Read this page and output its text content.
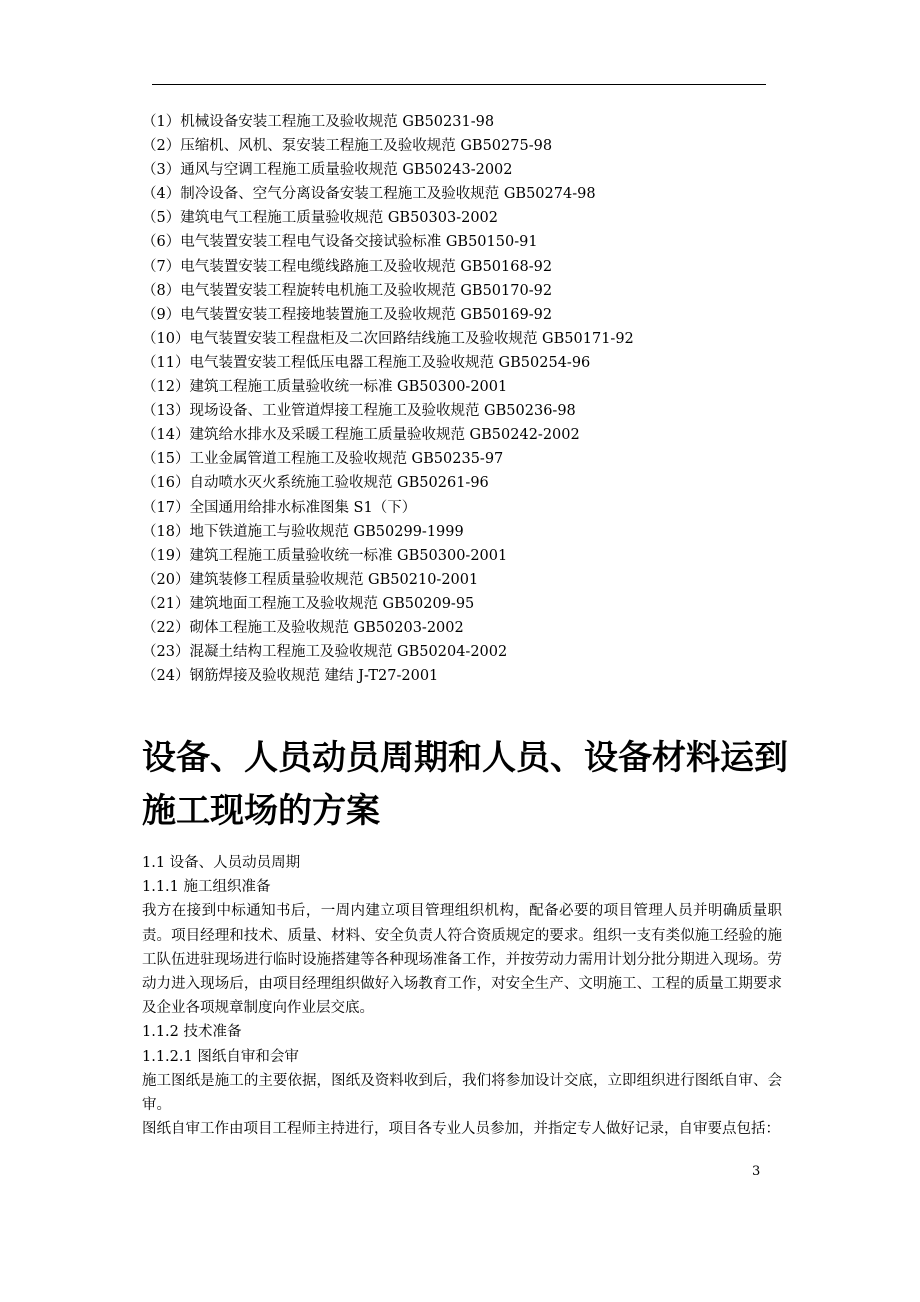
（1）机械设备安装工程施工及验收规范 GB50231-98
（2）压缩机、风机、泵安装工程施工及验收规范 GB50275-98
（3）通风与空调工程施工质量验收规范 GB50243-2002
（4）制冷设备、空气分离设备安装工程施工及验收规范 GB50274-98
（5）建筑电气工程施工质量验收规范 GB50303-2002
（6）电气装置安装工程电气设备交接试验标准 GB50150-91
（7）电气装置安装工程电缆线路施工及验收规范 GB50168-92
（8）电气装置安装工程旋转电机施工及验收规范 GB50170-92
（9）电气装置安装工程接地装置施工及验收规范 GB50169-92
（10）电气装置安装工程盘柜及二次回路结线施工及验收规范 GB50171-92
（11）电气装置安装工程低压电器工程施工及验收规范 GB50254-96
（12）建筑工程施工质量验收统一标准 GB50300-2001
（13）现场设备、工业管道焊接工程施工及验收规范 GB50236-98
（14）建筑给水排水及采暖工程施工质量验收规范 GB50242-2002
（15）工业金属管道工程施工及验收规范 GB50235-97
（16）自动喷水灭火系统施工验收规范 GB50261-96
（17）全国通用给排水标准图集 S1（下）
（18）地下铁道施工与验收规范 GB50299-1999
（19）建筑工程施工质量验收统一标准 GB50300-2001
（20）建筑装修工程质量验收规范 GB50210-2001
（21）建筑地面工程施工及验收规范 GB50209-95
（22）砌体工程施工及验收规范 GB50203-2002
（23）混凝土结构工程施工及验收规范 GB50204-2002
（24）钢筋焊接及验收规范 建结 J-T27-2001
设备、人员动员周期和人员、设备材料运到施工现场的方案
1.1 设备、人员动员周期
1.1.1 施工组织准备

我方在接到中标通知书后，一周内建立项目管理组织机构，配备必要的项目管理人员并明确质量职责。项目经理和技术、质量、材料、安全负责人符合资质规定的要求。组织一支有类似施工经验的施工队伍进驻现场进行临时设施搭建等各种现场准备工作，并按劳动力需用计划分批分期进入现场。劳动力进入现场后，由项目经理组织做好入场教育工作，对安全生产、文明施工、工程的质量工期要求及企业各项规章制度向作业层交底。

1.1.2 技术准备
1.1.2.1 图纸自审和会审

施工图纸是施工的主要依据，图纸及资料收到后，我们将参加设计交底，立即组织进行图纸自审、会审。

图纸自审工作由项目工程师主持进行，项目各专业人员参加，并指定专人做好记录，自审要点包括：

3
